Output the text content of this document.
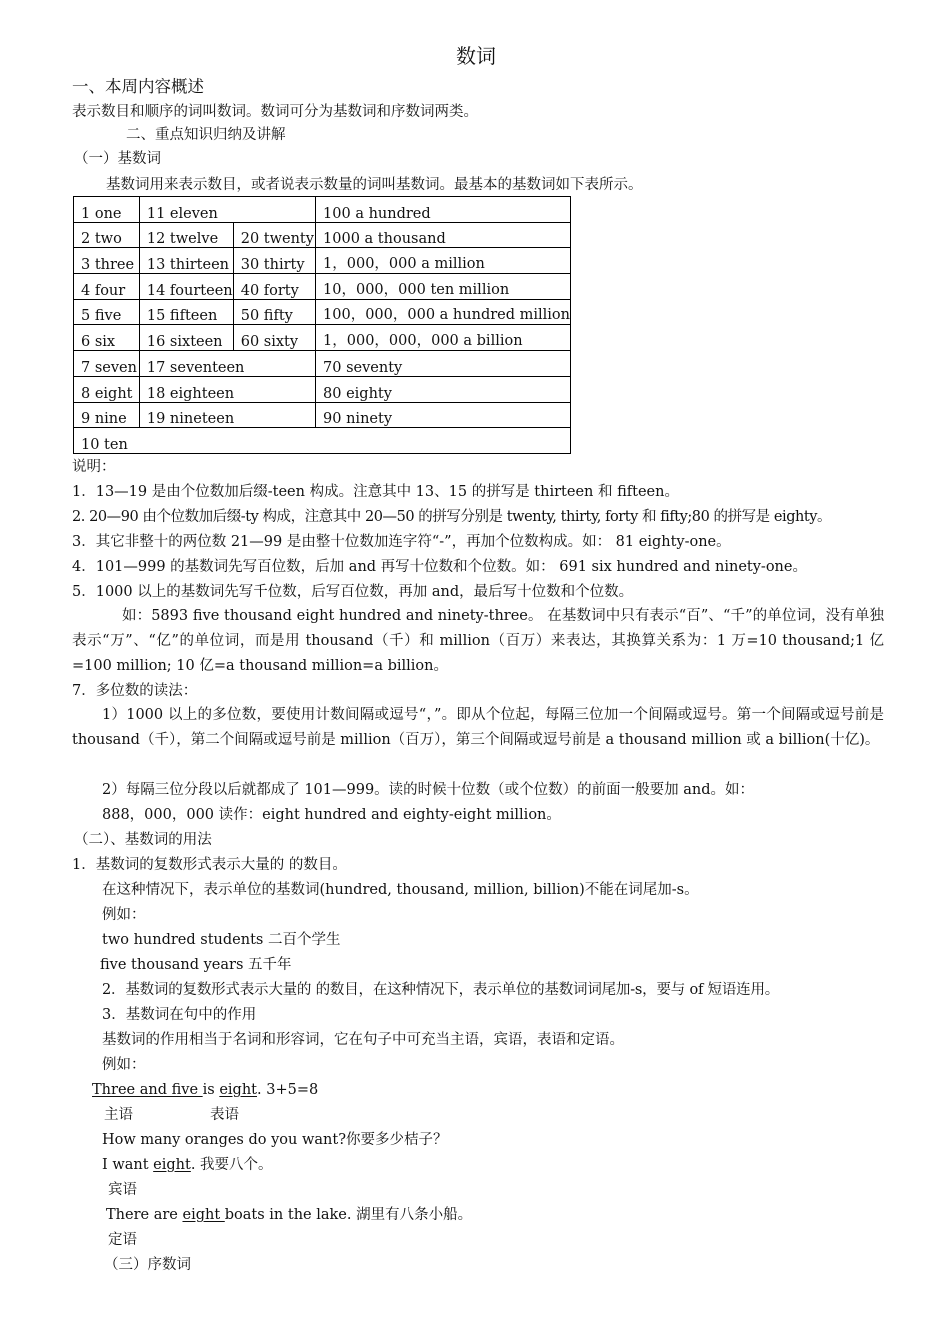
数词
一、本周内容概述
表示数目和顺序的词叫数词。数词可分为基数词和序数词两类。
二、重点知识归纳及讲解
（一）基数词
基数词用来表示数目，或者说表示数量的词叫基数词。最基本的基数词如下表所示。
1 one	11 eleven		100 a hundred
2 two	12 twelve	20 twenty	1000 a thousand
3 three	13 thirteen	30 thirty	1，000，000 a million
4 four	14 fourteen	40 forty	10，000，000 ten million
5 five	15 fifteen	50 fifty	100，000，000 a hundred million
6 six	16 sixteen	60 sixty	1，000，000，000 a billion
7 seven	17 seventeen		70 seventy
8 eight	18 eighteen		80 eighty
9 nine	19 nineteen		90 ninety
10 ten			
说明：
1．13—19 是由个位数加后缀-teen 构成。注意其中 13、15 的拼写是 thirteen 和 fifteen。
2. 20—90 由个位数加后缀-ty 构成，注意其中 20—50 的拼写分别是 twenty, thirty, forty 和 fifty;80 的拼写是 eighty。
3．其它非整十的两位数 21—99 是由整十位数加连字符“-”，再加个位数构成。如： 81 eighty-one。
4．101—999 的基数词先写百位数，后加 and 再写十位数和个位数。如： 691 six hundred and ninety-one。
5．1000 以上的基数词先写千位数，后写百位数，再加 and，最后写十位数和个位数。
如：5893 five thousand eight hundred and ninety-three。 在基数词中只有表示“百”、“千”的单位词，没有单独表示“万”、“亿”的单位词，而是用 thousand（千）和 million（百万）来表达，其换算关系为：1 万=10 thousand;1 亿=100 million; 10 亿=a thousand million=a billion。
7．多位数的读法：
1）1000 以上的多位数，要使用计数间隔或逗号“，”。即从个位起，每隔三位加一个间隔或逗号。第一个间隔或逗号前是 thousand（千），第二个间隔或逗号前是 million（百万），第三个间隔或逗号前是 a thousand million 或 a billion(十亿)。
2）每隔三位分段以后就都成了 101—999。读的时候十位数（或个位数）的前面一般要加 and。如：
888，000，000 读作：eight hundred and eighty-eight million。
（二）、基数词的用法
1．基数词的复数形式表示大量的 的数目。
在这种情况下，表示单位的基数词(hundred, thousand, million, billion)不能在词尾加-s。
例如：
two hundred students 二百个学生
five thousand years 五千年
2．基数词的复数形式表示大量的 的数目，在这种情况下，表示单位的基数词词尾加-s，要与 of 短语连用。
3．基数词在句中的作用
基数词的作用相当于名词和形容词，它在句子中可充当主语，宾语，表语和定语。
例如：
Three and five is eight. 3+5=8
主语	表语
How many oranges do you want?你要多少桔子？
I want eight. 我要八个。
宾语
There are eight boats in the lake. 湖里有八条小船。
定语
（三）序数词
